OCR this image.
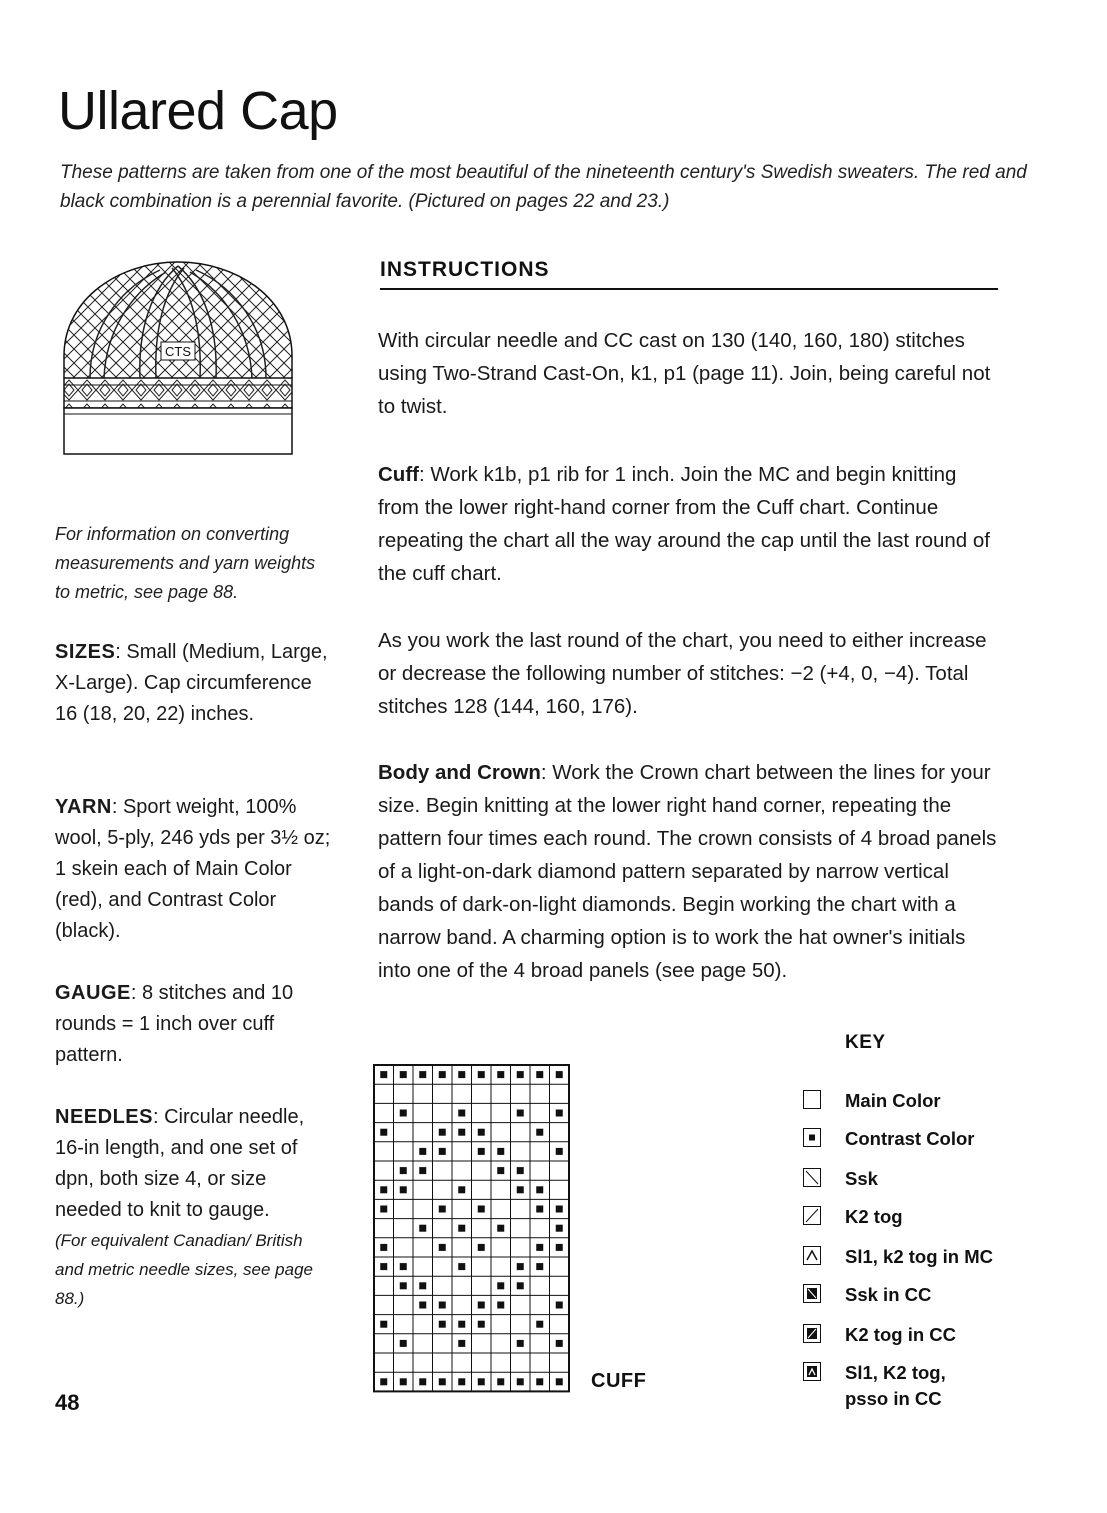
Ullared Cap
These patterns are taken from one of the most beautiful of the nineteenth century's Swedish sweaters. The red and black combination is a perennial favorite. (Pictured on pages 22 and 23.)
CTS
For information on converting measurements and yarn weights to metric, see page 88.
SIZES: Small (Medium, Large, X-Large). Cap circumference 16 (18, 20, 22) inches.
YARN: Sport weight, 100% wool, 5-ply, 246 yds per 3½ oz; 1 skein each of Main Color (red), and Contrast Color (black).
GAUGE: 8 stitches and 10 rounds = 1 inch over cuff pattern.
NEEDLES: Circular needle, 16-in length, and one set of dpn, both size 4, or size needed to knit to gauge.
(For equivalent Canadian/ British and metric needle sizes, see page 88.)
INSTRUCTIONS
With circular needle and CC cast on 130 (140, 160, 180) stitches using Two-Strand Cast-On, k1, p1 (page 11). Join, being careful not to twist.
Cuff: Work k1b, p1 rib for 1 inch. Join the MC and begin knitting from the lower right-hand corner from the Cuff chart. Continue repeating the chart all the way around the cap until the last round of the cuff chart.
As you work the last round of the chart, you need to either increase or decrease the following number of stitches: −2 (+4, 0, −4). Total stitches 128 (144, 160, 176).
Body and Crown: Work the Crown chart between the lines for your size. Begin knitting at the lower right hand corner, repeating the pattern four times each round. The crown consists of 4 broad panels of a light-on-dark diamond pattern separated by narrow vertical bands of dark-on-light diamonds. Begin working the chart with a narrow band. A charming option is to work the hat owner's initials into one of the 4 broad panels (see page 50).
CUFF
KEY
Main Color
Contrast Color
Ssk
K2 tog
Sl1, k2 tog in MC
Ssk in CC
K2 tog in CC
Sl1, K2 tog,
psso in CC
48
